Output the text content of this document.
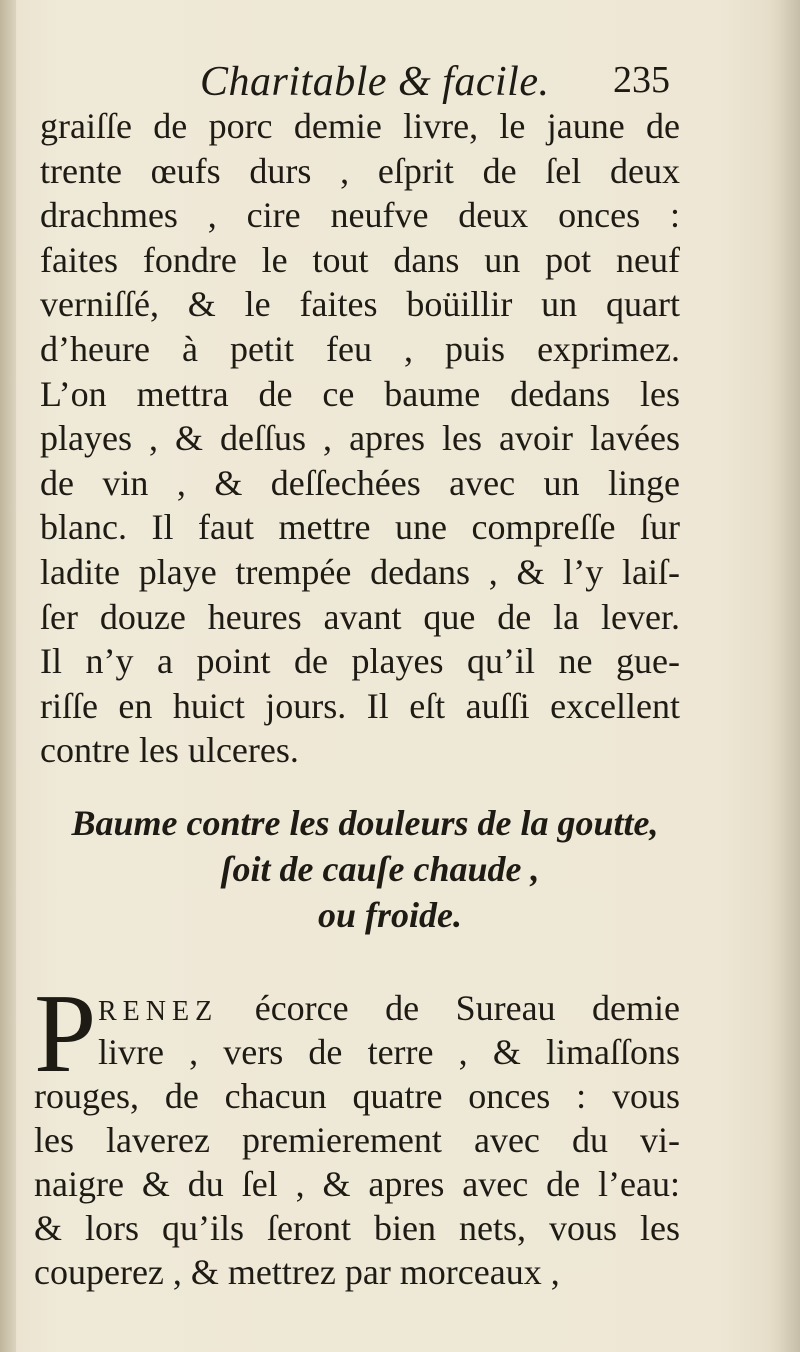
Charitable & facile. 235
graiſſe de porc demie livre, le jaune de
trente œufs durs , eſprit de ſel deux
drachmes , cire neufve deux onces :
faites fondre le tout dans un pot neuf
verniſſé, & le faites boüillir un quart
d’heure à petit feu , puis exprimez.
L’on mettra de ce baume dedans les
playes , & deſſus , apres les avoir lavées
de vin , & deſſechées avec un linge
blanc. Il faut mettre une compreſſe ſur
ladite playe trempée dedans , & l’y laiſ-
ſer douze heures avant que de la lever.
Il n’y a point de playes qu’il ne gue-
riſſe en huict jours. Il eſt auſſi excellent
contre les ulceres.
Baume contre les douleurs de la goutte,
ſoit de cauſe chaude ,
ou froide.
P RENEZ écorce de Sureau demie
livre , vers de terre , & limaſſons
rouges, de chacun quatre onces : vous
les laverez premierement avec du vi-
naigre & du ſel , & apres avec de l’eau:
& lors qu’ils ſeront bien nets, vous les
couperez , & mettrez par morceaux ,
